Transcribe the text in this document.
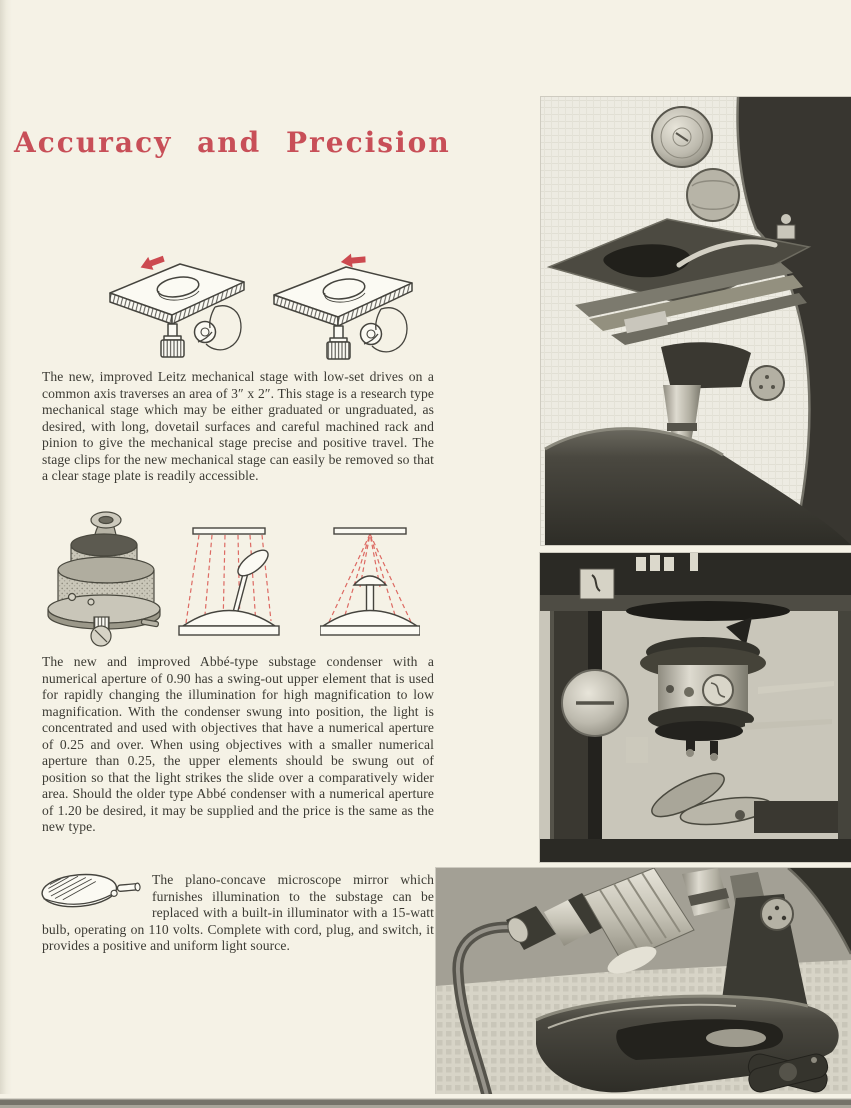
Accuracy and Precision

The new, improved Leitz mechanical stage with low-set drives on a common axis traverses an area of 3″ x 2″. This stage is a research type mechanical stage which may be either graduated or ungraduated, as desired, with long, dovetail surfaces and careful machined rack and pinion to give the mechanical stage precise and positive travel. The stage clips for the new mechanical stage can easily be removed so that a clear stage plate is readily accessible.

The new and improved Abbé-type substage condenser with a numerical aperture of 0.90 has a swing-out upper element that is used for rapidly changing the illumination for high magnification to low magnification. With the condenser swung into position, the light is concentrated and used with objectives that have a numerical aperture of 0.25 and over. When using objectives with a smaller numerical aperture than 0.25, the upper elements should be swung out of position so that the light strikes the slide over a comparatively wider area. Should the older type Abbé condenser with a numerical aperture of 1.20 be desired, it may be supplied and the price is the same as the new type.

The plano-concave microscope mirror which furnishes illumination to the substage can be replaced with a built-in illuminator with a 15-watt bulb, operating on 110 volts. Complete with cord, plug, and switch, it provides a positive and uniform light source.
